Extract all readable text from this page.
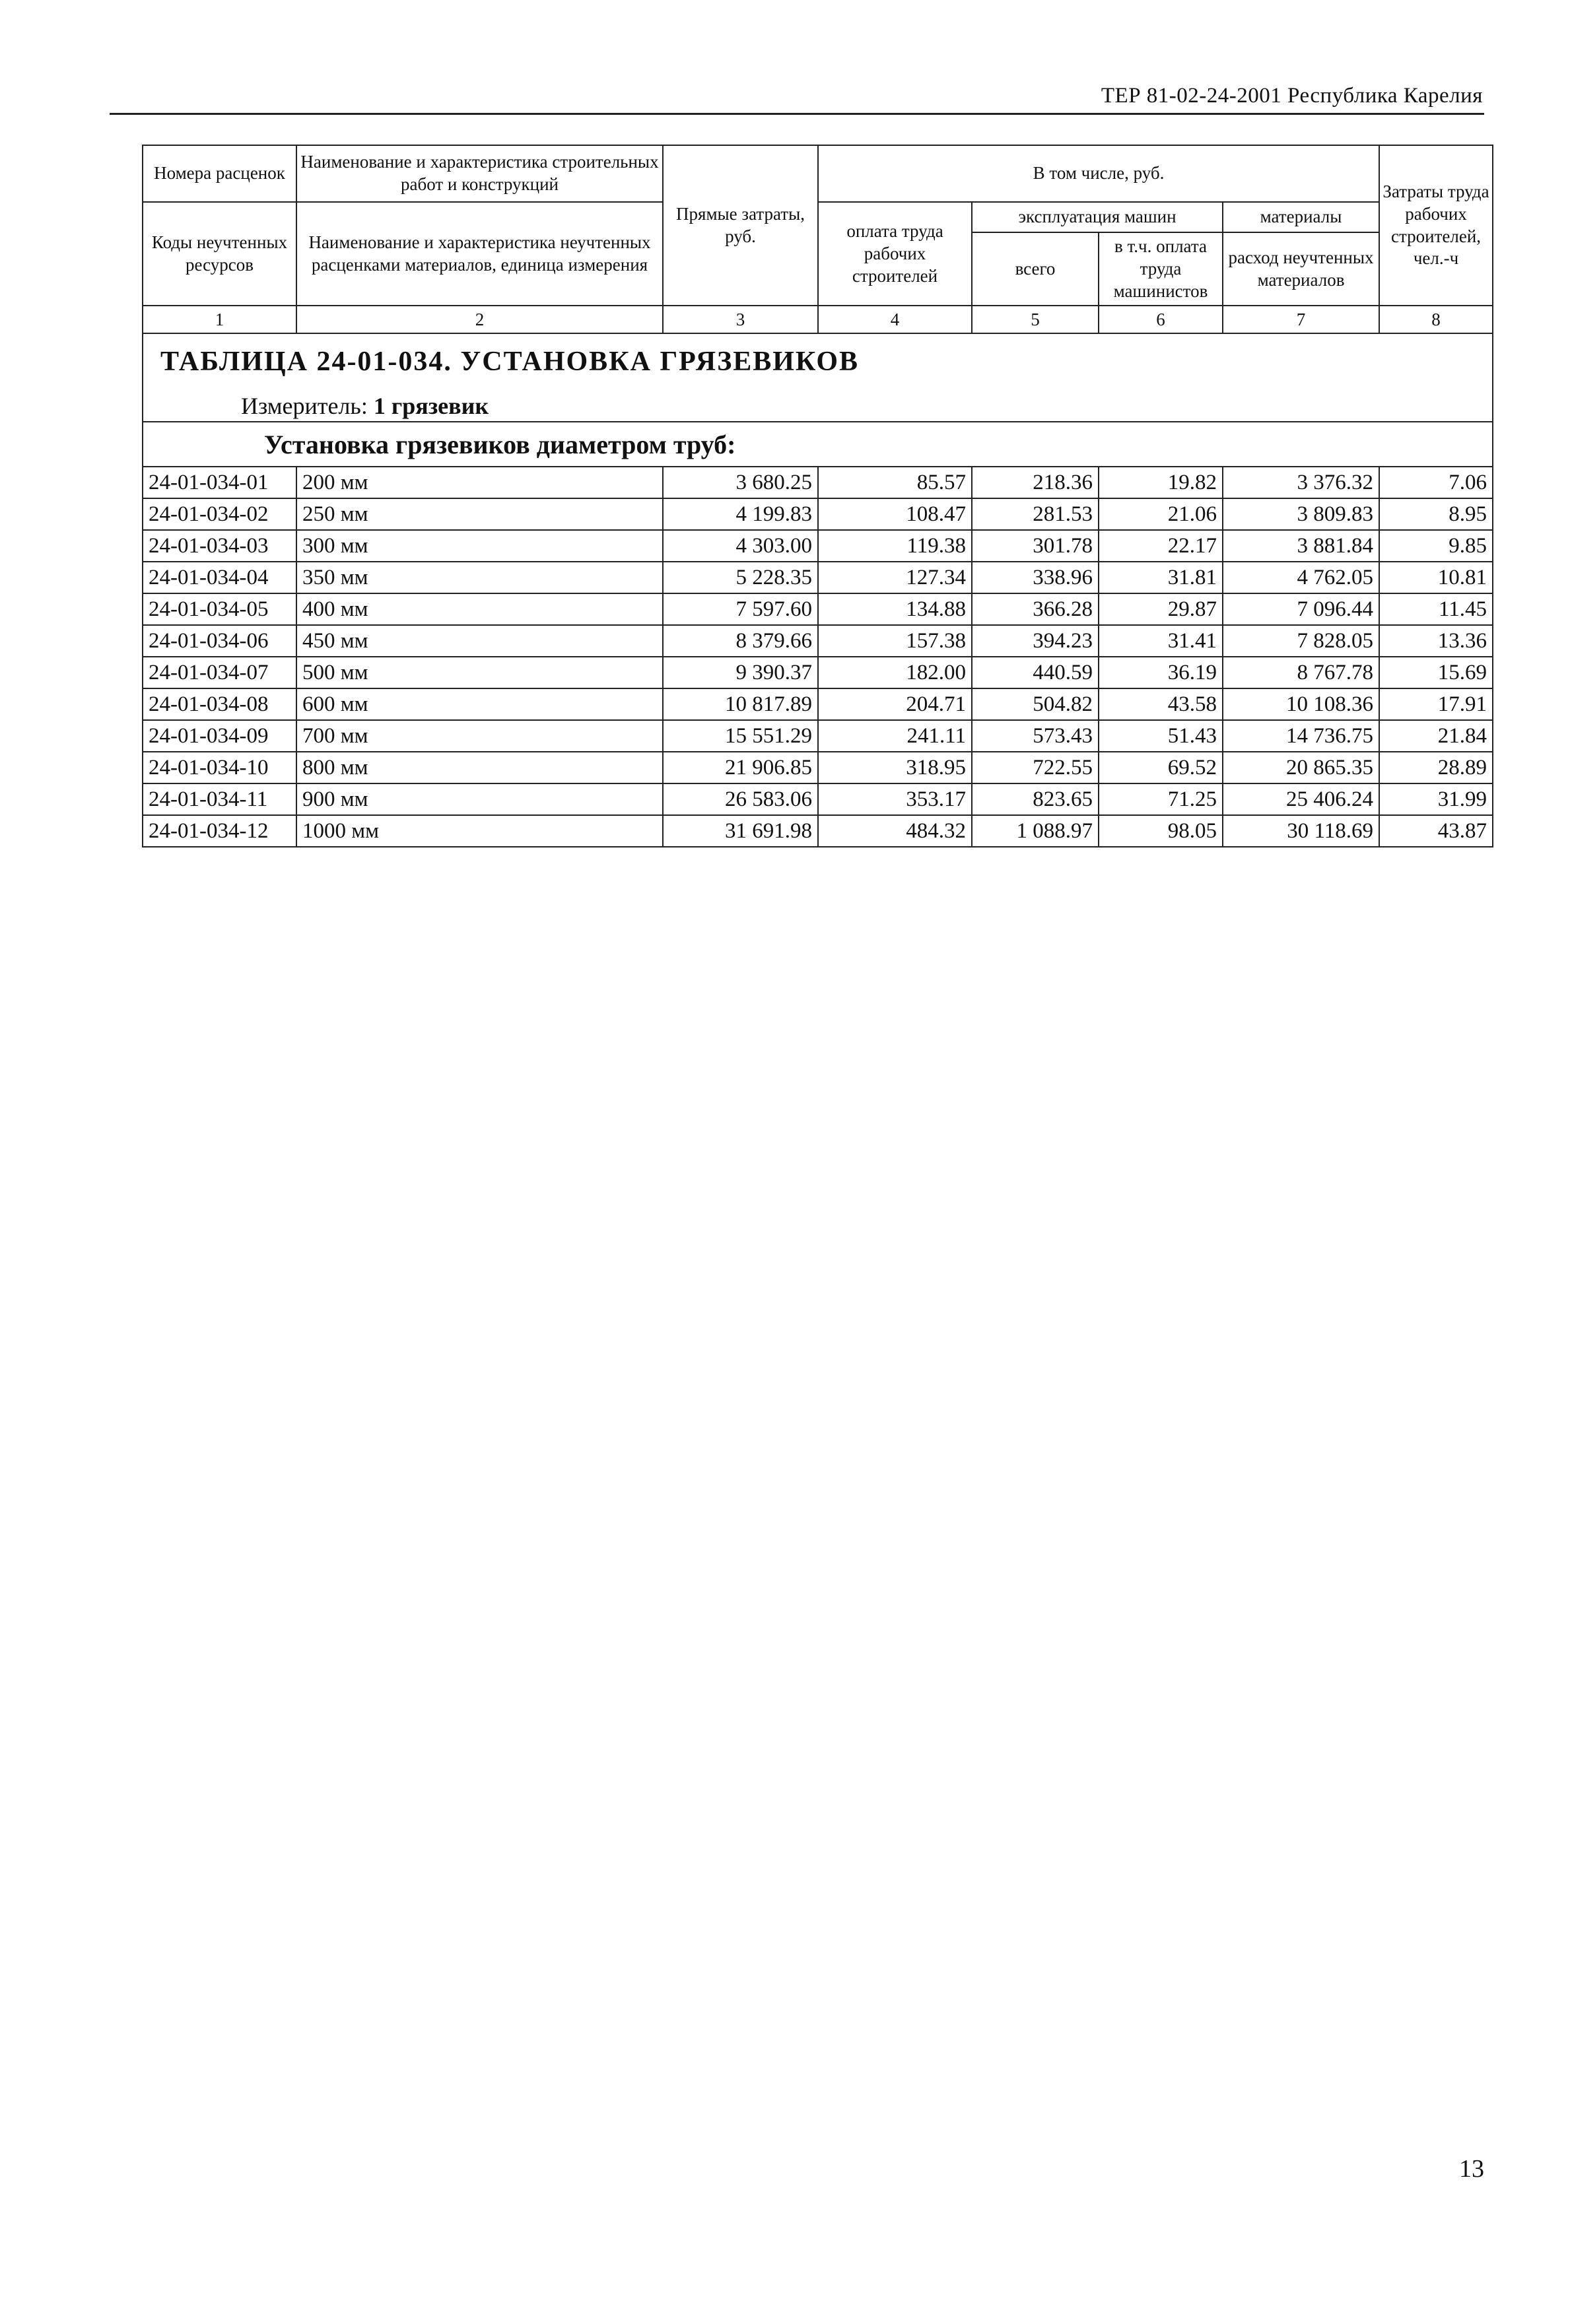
ТЕР 81-02-24-2001 Республика Карелия
Номера расценок	Наименование и характеристика строительных работ и конструкций	Прямые затраты, руб.	В том числе, руб.				Затраты труда рабочих строителей, чел.-ч
Коды неучтенных ресурсов	Наименование и характеристика неучтенных расценками материалов, единица измерения		оплата труда рабочих строителей	эксплуатация машин		материалы	
				всего	в т.ч. оплата труда машинистов	расход неучтенных материалов	
1	2	3	4	5	6	7	8

ТАБЛИЦА 24-01-034. УСТАНОВКА ГРЯЗЕВИКОВ
Измеритель: 1 грязевик							

Установка грязевиков диаметром труб:							

24-01-034-01	200 мм	3 680.25	85.57	218.36	19.82	3 376.32	7.06
24-01-034-02	250 мм	4 199.83	108.47	281.53	21.06	3 809.83	8.95
24-01-034-03	300 мм	4 303.00	119.38	301.78	22.17	3 881.84	9.85
24-01-034-04	350 мм	5 228.35	127.34	338.96	31.81	4 762.05	10.81
24-01-034-05	400 мм	7 597.60	134.88	366.28	29.87	7 096.44	11.45
24-01-034-06	450 мм	8 379.66	157.38	394.23	31.41	7 828.05	13.36
24-01-034-07	500 мм	9 390.37	182.00	440.59	36.19	8 767.78	15.69
24-01-034-08	600 мм	10 817.89	204.71	504.82	43.58	10 108.36	17.91
24-01-034-09	700 мм	15 551.29	241.11	573.43	51.43	14 736.75	21.84
24-01-034-10	800 мм	21 906.85	318.95	722.55	69.52	20 865.35	28.89
24-01-034-11	900 мм	26 583.06	353.17	823.65	71.25	25 406.24	31.99
24-01-034-12	1000 мм	31 691.98	484.32	1 088.97	98.05	30 118.69	43.87
13
